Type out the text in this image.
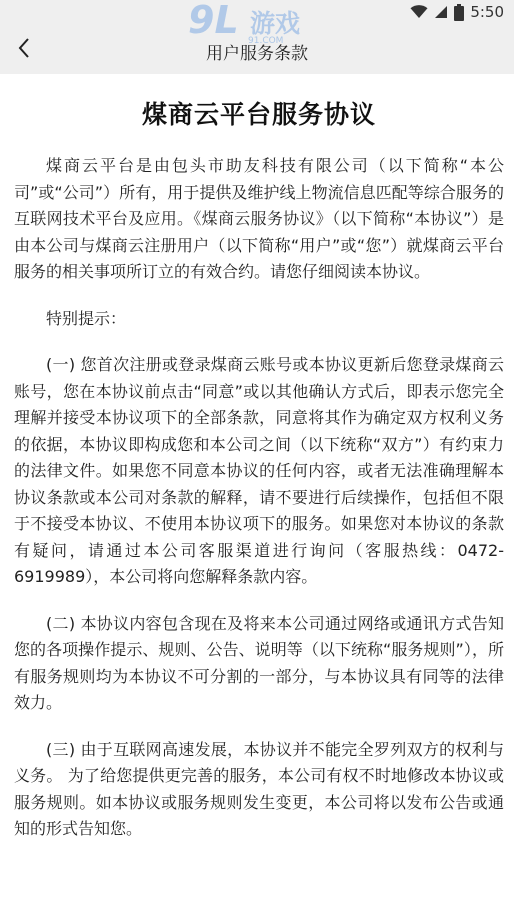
5:50
用户服务条款
9L 游戏
91.COM
煤商云平台服务协议

煤商云平台是由包头市助友科技有限公司（以下简称“本公司”或“公司”）所有，用于提供及维护线上物流信息匹配等综合服务的互联网技术平台及应用。《煤商云服务协议》（以下简称“本协议”）是由本公司与煤商云注册用户（以下简称“用户”或“您”）就煤商云平台服务的相关事项所订立的有效合约。请您仔细阅读本协议。

特别提示：

(一) 您首次注册或登录煤商云账号或本协议更新后您登录煤商云账号，您在本协议前点击“同意”或以其他确认方式后，即表示您完全理解并接受本协议项下的全部条款，同意将其作为确定双方权利义务的依据，本协议即构成您和本公司之间（以下统称“双方”）有约束力的法律文件。如果您不同意本协议的任何内容，或者无法准确理解本协议条款或本公司对条款的解释，请不要进行后续操作，包括但不限于不接受本协议、不使用本协议项下的服务。如果您对本协议的条款有疑问，请通过本公司客服渠道进行询问（客服热线：0472-6919989），本公司将向您解释条款内容。

(二) 本协议内容包含现在及将来本公司通过网络或通讯方式告知您的各项操作提示、规则、公告、说明等（以下统称“服务规则”），所有服务规则均为本协议不可分割的一部分，与本协议具有同等的法律效力。

(三) 由于互联网高速发展，本协议并不能完全罗列双方的权利与义务。 为了给您提供更完善的服务，本公司有权不时地修改本协议或服务规则。如本协议或服务规则发生变更，本公司将以发布公告或通知的形式告知您。
